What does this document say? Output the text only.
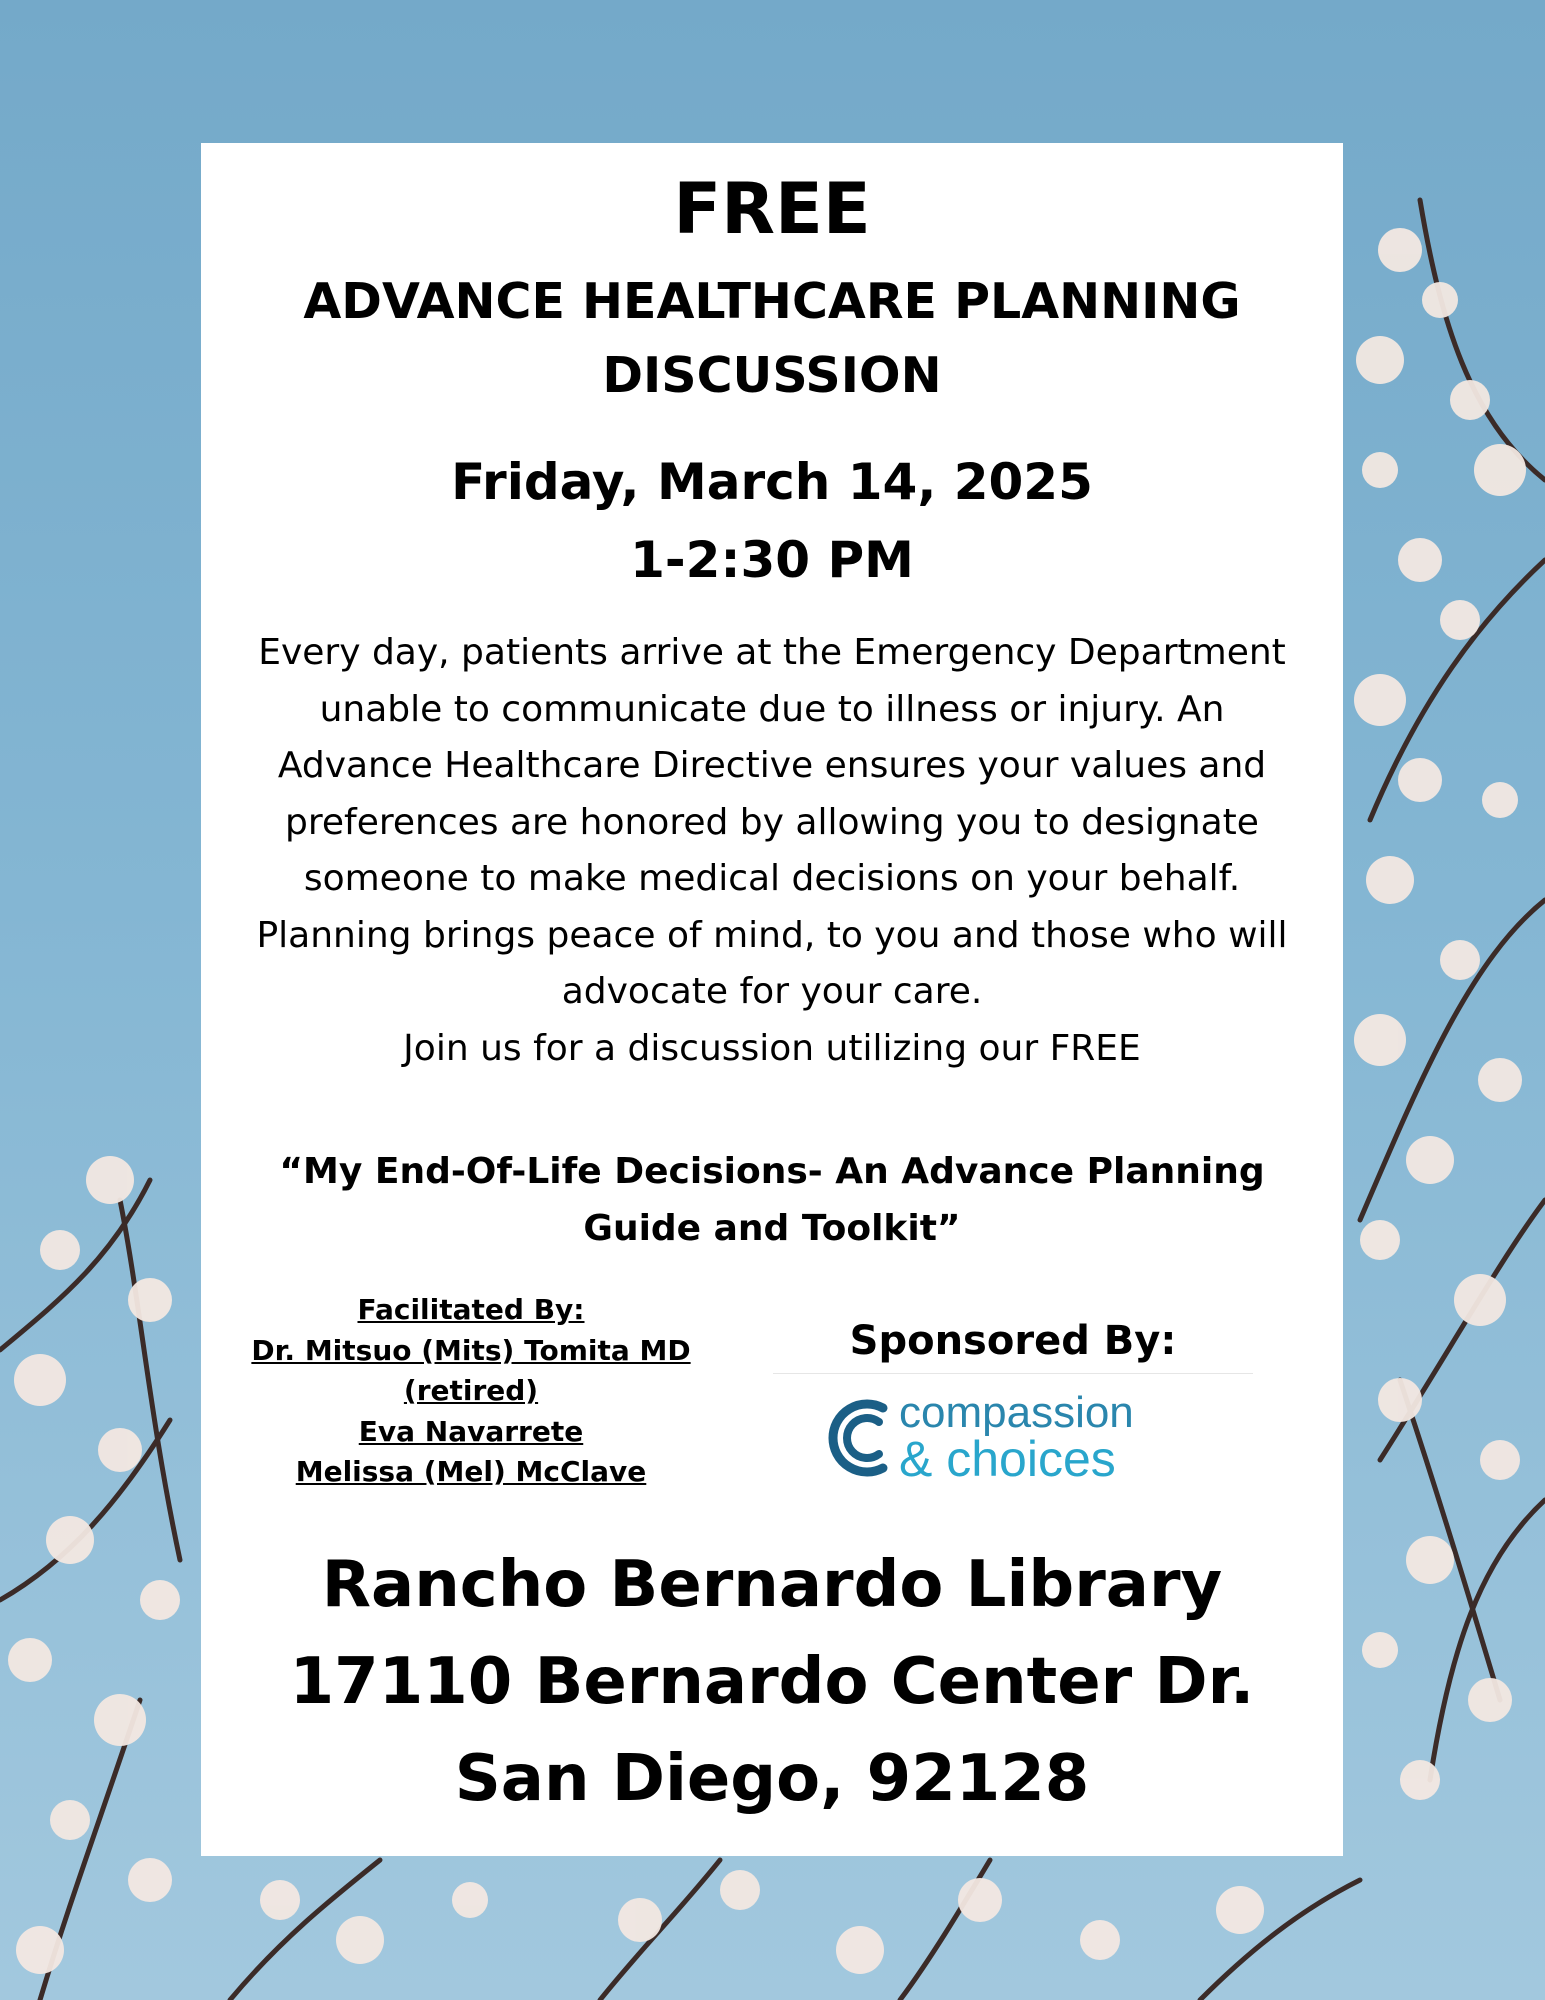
FREE
ADVANCE HEALTHCARE PLANNING
DISCUSSION
Friday, March 14, 2025
1-2:30 PM

Every day, patients arrive at the Emergency Department unable to communicate due to illness or injury. An Advance Healthcare Directive ensures your values and preferences are honored by allowing you to designate someone to make medical decisions on your behalf. Planning brings peace of mind, to you and those who will advocate for your care.

Join us for a discussion utilizing our FREE

“My End-Of-Life Decisions- An Advance Planning Guide and Toolkit”
Facilitated By:
Dr. Mitsuo (Mits) Tomita MD (retired)
Eva Navarrete
Melissa (Mel) McClave
Sponsored By:
compassion
& choices
Rancho Bernardo Library
17110 Bernardo Center Dr.
San Diego, 92128
